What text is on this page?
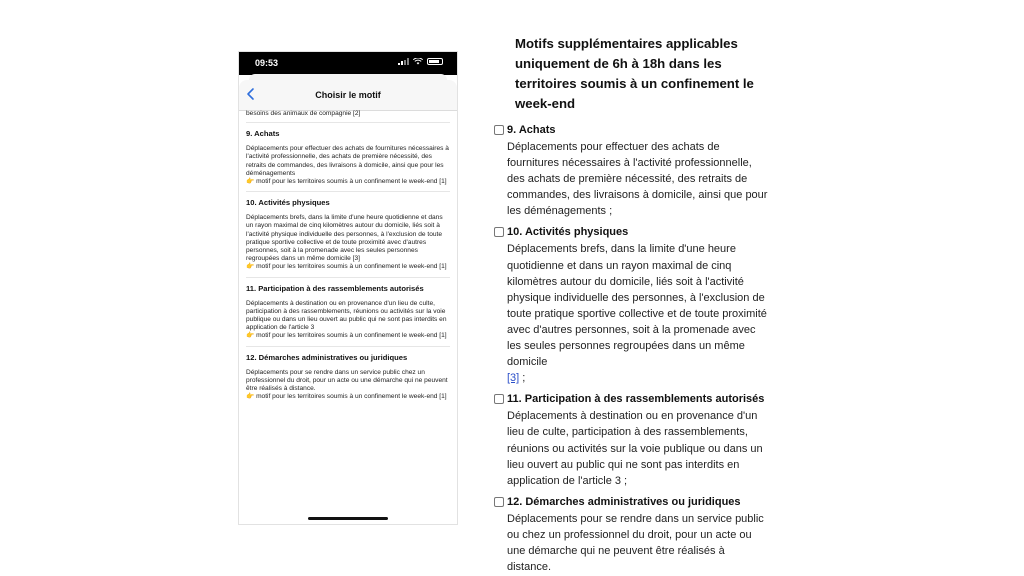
09:53
Choisir le motif
besoins des animaux de compagnie [2]
9. Achats
Déplacements pour effectuer des achats de fournitures nécessaires à l'activité professionnelle, des achats de première nécessité, des retraits de commandes, des livraisons à domicile, ainsi que pour les déménagements
👉 motif pour les territoires soumis à un confinement le week-end [1]
10. Activités physiques
Déplacements brefs, dans la limite d'une heure quotidienne et dans un rayon maximal de cinq kilomètres autour du domicile, liés soit à l'activité physique individuelle des personnes, à l'exclusion de toute pratique sportive collective et de toute proximité avec d'autres personnes, soit à la promenade avec les seules personnes regroupées dans un même domicile [3]
👉 motif pour les territoires soumis à un confinement le week-end [1]
11. Participation à des rassemblements autorisés
Déplacements à destination ou en provenance d'un lieu de culte, participation à des rassemblements, réunions ou activités sur la voie publique ou dans un lieu ouvert au public qui ne sont pas interdits en application de l'article 3
👉 motif pour les territoires soumis à un confinement le week-end [1]
12. Démarches administratives ou juridiques
Déplacements pour se rendre dans un service public chez un professionnel du droit, pour un acte ou une démarche qui ne peuvent être réalisés à distance.
👉 motif pour les territoires soumis à un confinement le week-end [1]
Motifs supplémentaires applicables uniquement de 6h à 18h dans les territoires soumis à un confinement le week-end
9. Achats
Déplacements pour effectuer des achats de fournitures nécessaires à l'activité professionnelle, des achats de première nécessité, des retraits de commandes, des livraisons à domicile, ainsi que pour les déménagements ;
10. Activités physiques
Déplacements brefs, dans la limite d'une heure quotidienne et dans un rayon maximal de cinq kilomètres autour du domicile, liés soit à l'activité physique individuelle des personnes, à l'exclusion de toute pratique sportive collective et de toute proximité avec d'autres personnes, soit à la promenade avec les seules personnes regroupées dans un même domicile
[3] ;
11. Participation à des rassemblements autorisés
Déplacements à destination ou en provenance d'un lieu de culte, participation à des rassemblements, réunions ou activités sur la voie publique ou dans un lieu ouvert au public qui ne sont pas interdits en application de l'article 3 ;
12. Démarches administratives ou juridiques
Déplacements pour se rendre dans un service public ou chez un professionnel du droit, pour un acte ou une démarche qui ne peuvent être réalisés à distance.
